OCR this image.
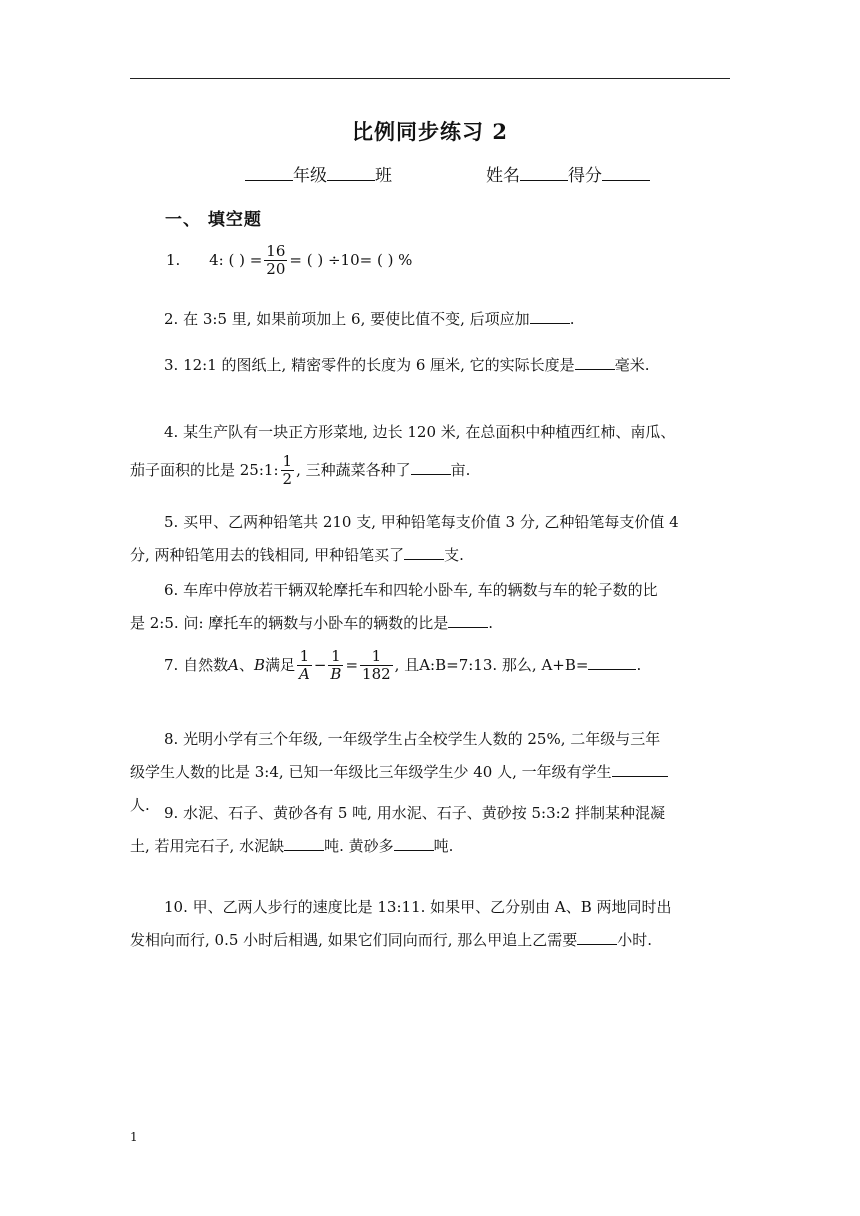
比例同步练习 2
年级	班	姓名	得分
一、 填空题
1. 4: ( ) = $\frac{16}{20}$ = ( ) ÷10= ( ) %
2. 在 3:5 里, 如果前项加上 6, 要使比值不变, 后项应加	.
3. 12:1 的图纸上, 精密零件的长度为 6 厘米, 它的实际长度是	毫米.
4. 某生产队有一块正方形菜地, 边长 120 米, 在总面积中种植西红柿、南瓜、
茄子面积的比是 25:1: $\frac{1}{2}$ , 三种蔬菜各种了	亩.
5. 买甲、乙两种铅笔共 210 支, 甲种铅笔每支价值 3 分, 乙种铅笔每支价值 4
分, 两种铅笔用去的钱相同, 甲种铅笔买了	支.
6. 车库中停放若干辆双轮摩托车和四轮小卧车, 车的辆数与车的轮子数的比
是 2:5. 问: 摩托车的辆数与小卧车的辆数的比是	.
7. 自然数A、B满足 $\frac{1}{A} - \frac{1}{B} = \frac{1}{182}$ , 且A:B=7:13. 那么, A+B=	.
8. 光明小学有三个年级, 一年级学生占全校学生人数的 25%, 二年级与三年
级学生人数的比是 3:4, 已知一年级比三年级学生少 40 人, 一年级有学生
人. 9. 水泥、石子、黄砂各有 5 吨, 用水泥、石子、黄砂按 5:3:2 拌制某种混凝
土, 若用完石子, 水泥缺	吨. 黄砂多	吨.
10. 甲、乙两人步行的速度比是 13:11. 如果甲、乙分别由 A、B 两地同时出
发相向而行, 0.5 小时后相遇, 如果它们同向而行, 那么甲追上乙需要	小时.
1
